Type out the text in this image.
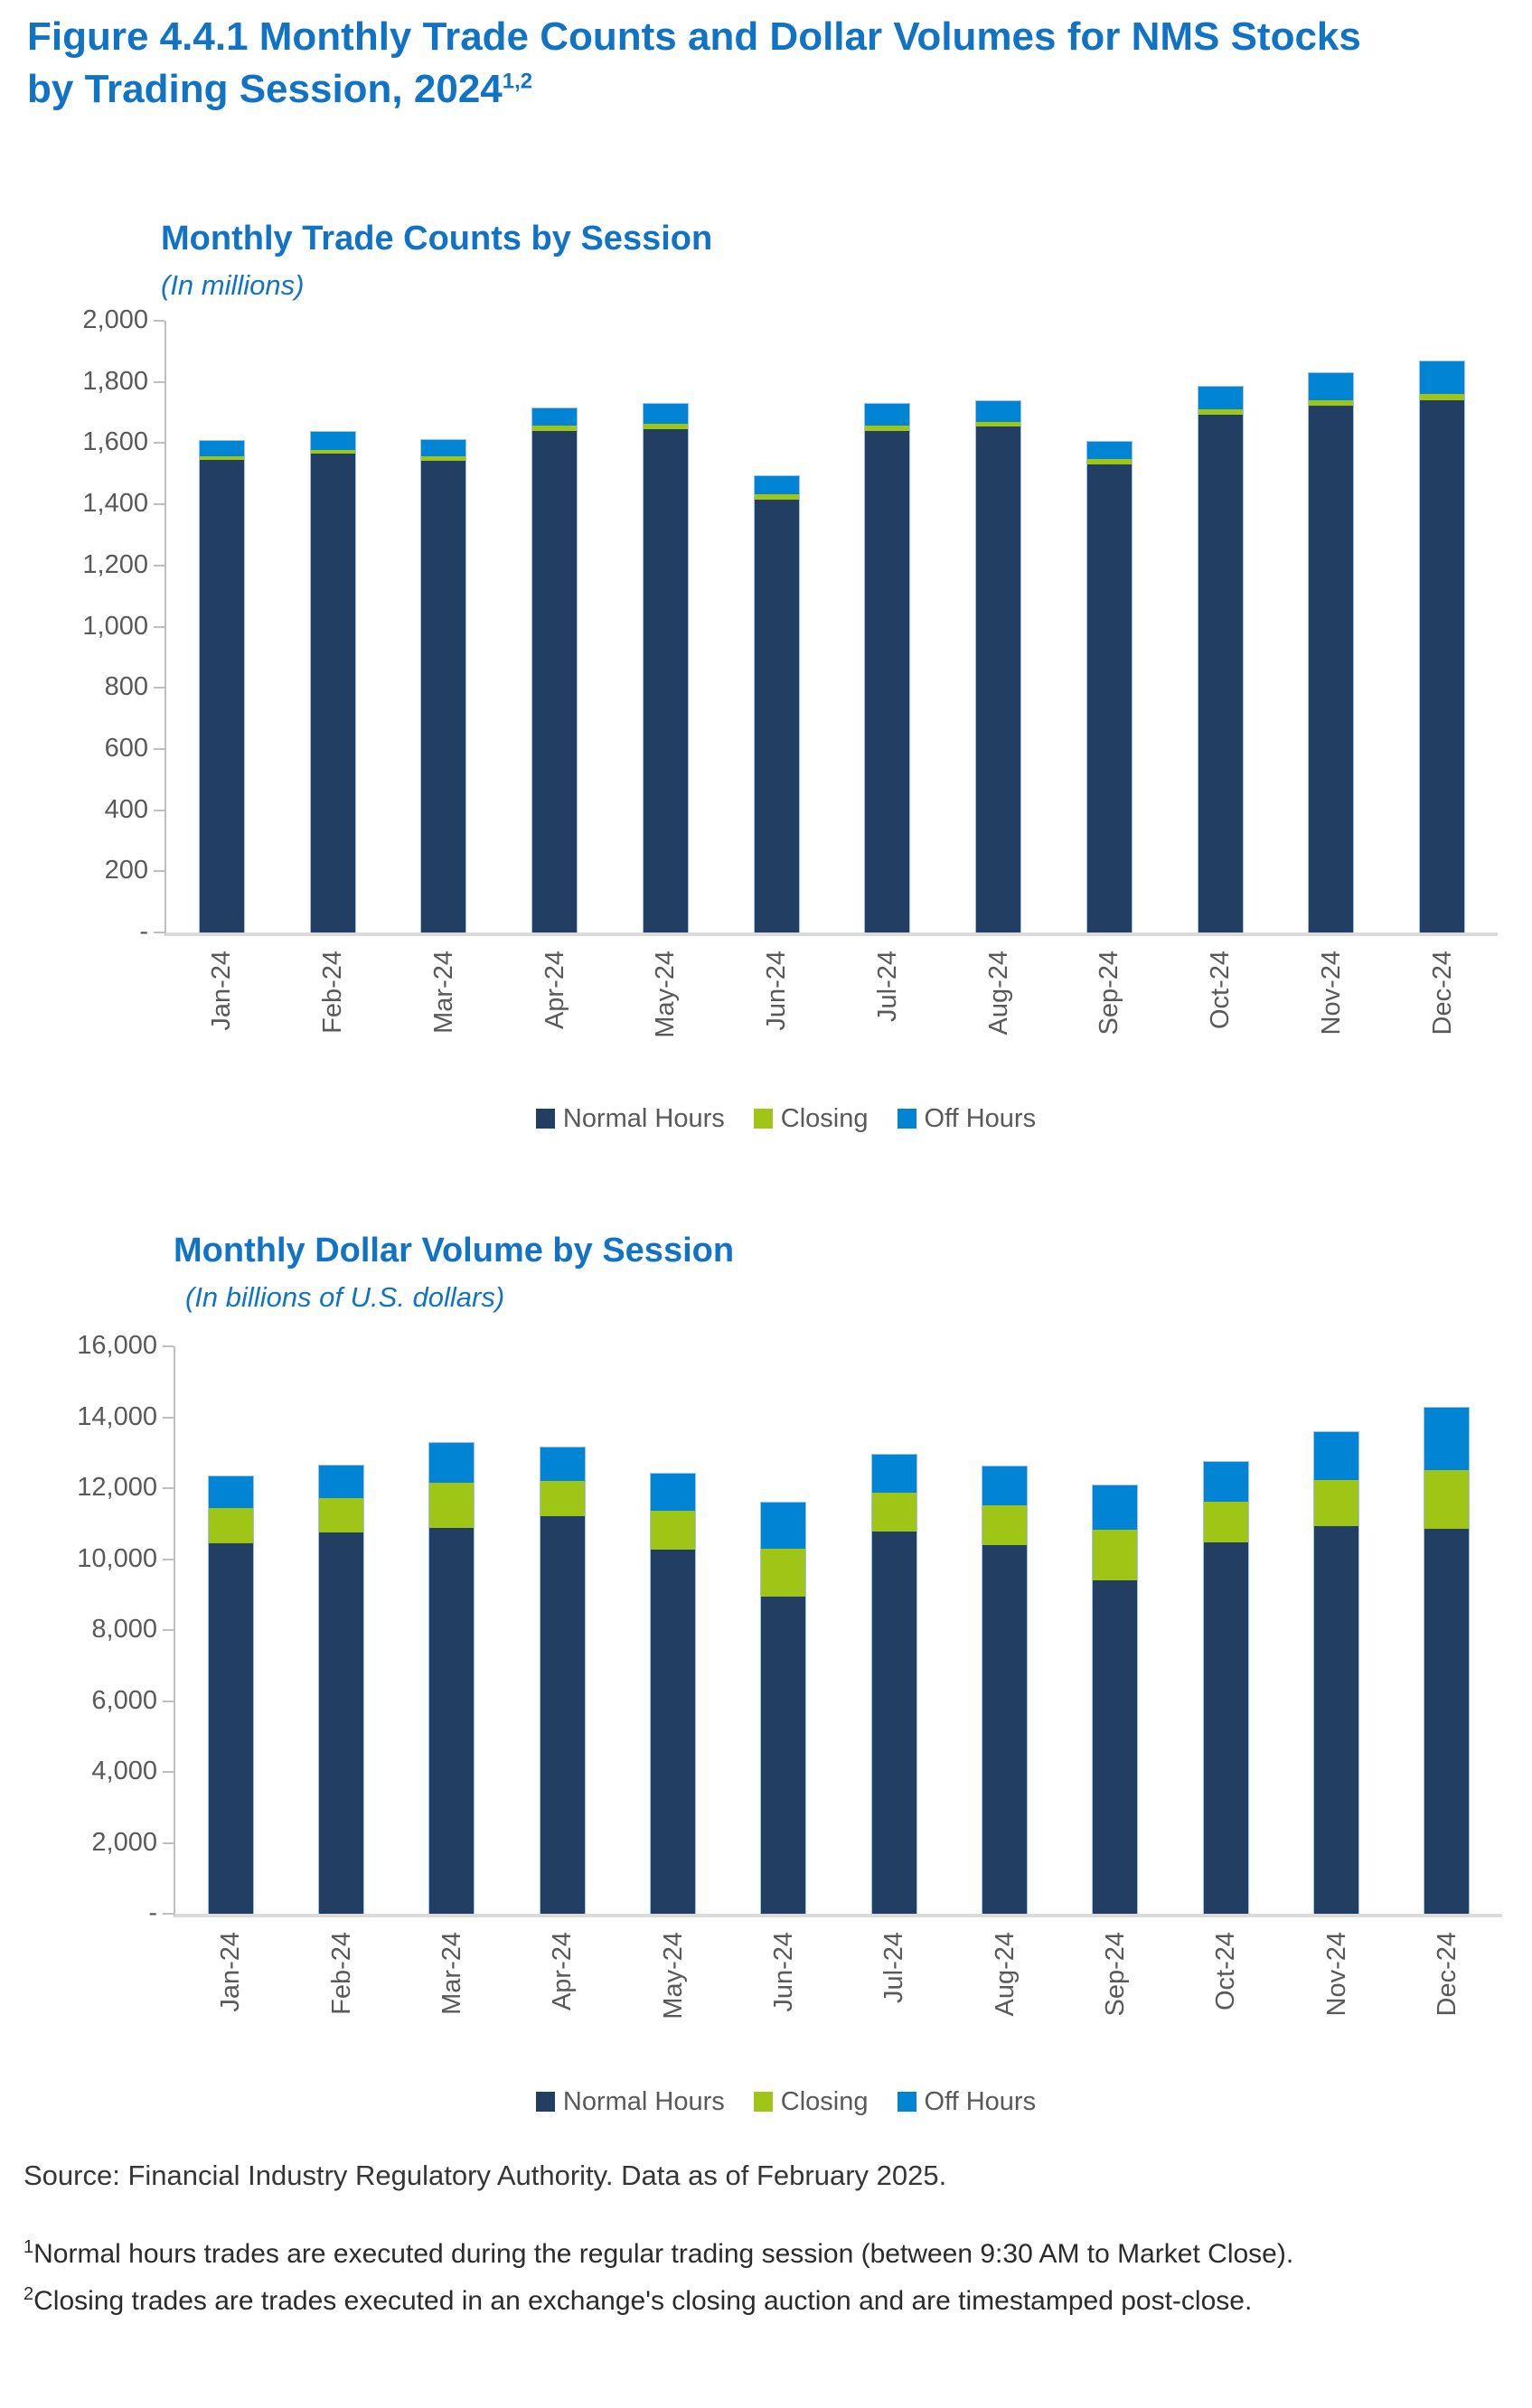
Figure 4.4.1 Monthly Trade Counts and Dollar Volumes for NMS Stocks
by Trading Session, 2024$^{1,2}$
Monthly Trade Counts by Session
(In millions)
2,000
1,800
1,600
1,400
1,200
1,000
800
600
400
200
-
Jan-24	Feb-24	Mar-24	Apr-24	May-24	Jun-24	Jul-24	Aug-24	Sep-24	Oct-24	Nov-24	Dec-24
Normal Hours Closing Off Hours
Monthly Dollar Volume by Session
(In billions of U.S. dollars)
16,000
14,000
12,000
10,000
8,000
6,000
4,000
2,000
-
Jan-24	Feb-24	Mar-24	Apr-24	May-24	Jun-24	Jul-24	Aug-24	Sep-24	Oct-24	Nov-24	Dec-24
Normal Hours Closing Off Hours

Source: Financial Industry Regulatory Authority. Data as of February 2025.

$^1$Normal hours trades are executed during the regular trading session (between 9:30 AM to Market Close).

$^2$Closing trades are trades executed in an exchange's closing auction and are timestamped post-close.
